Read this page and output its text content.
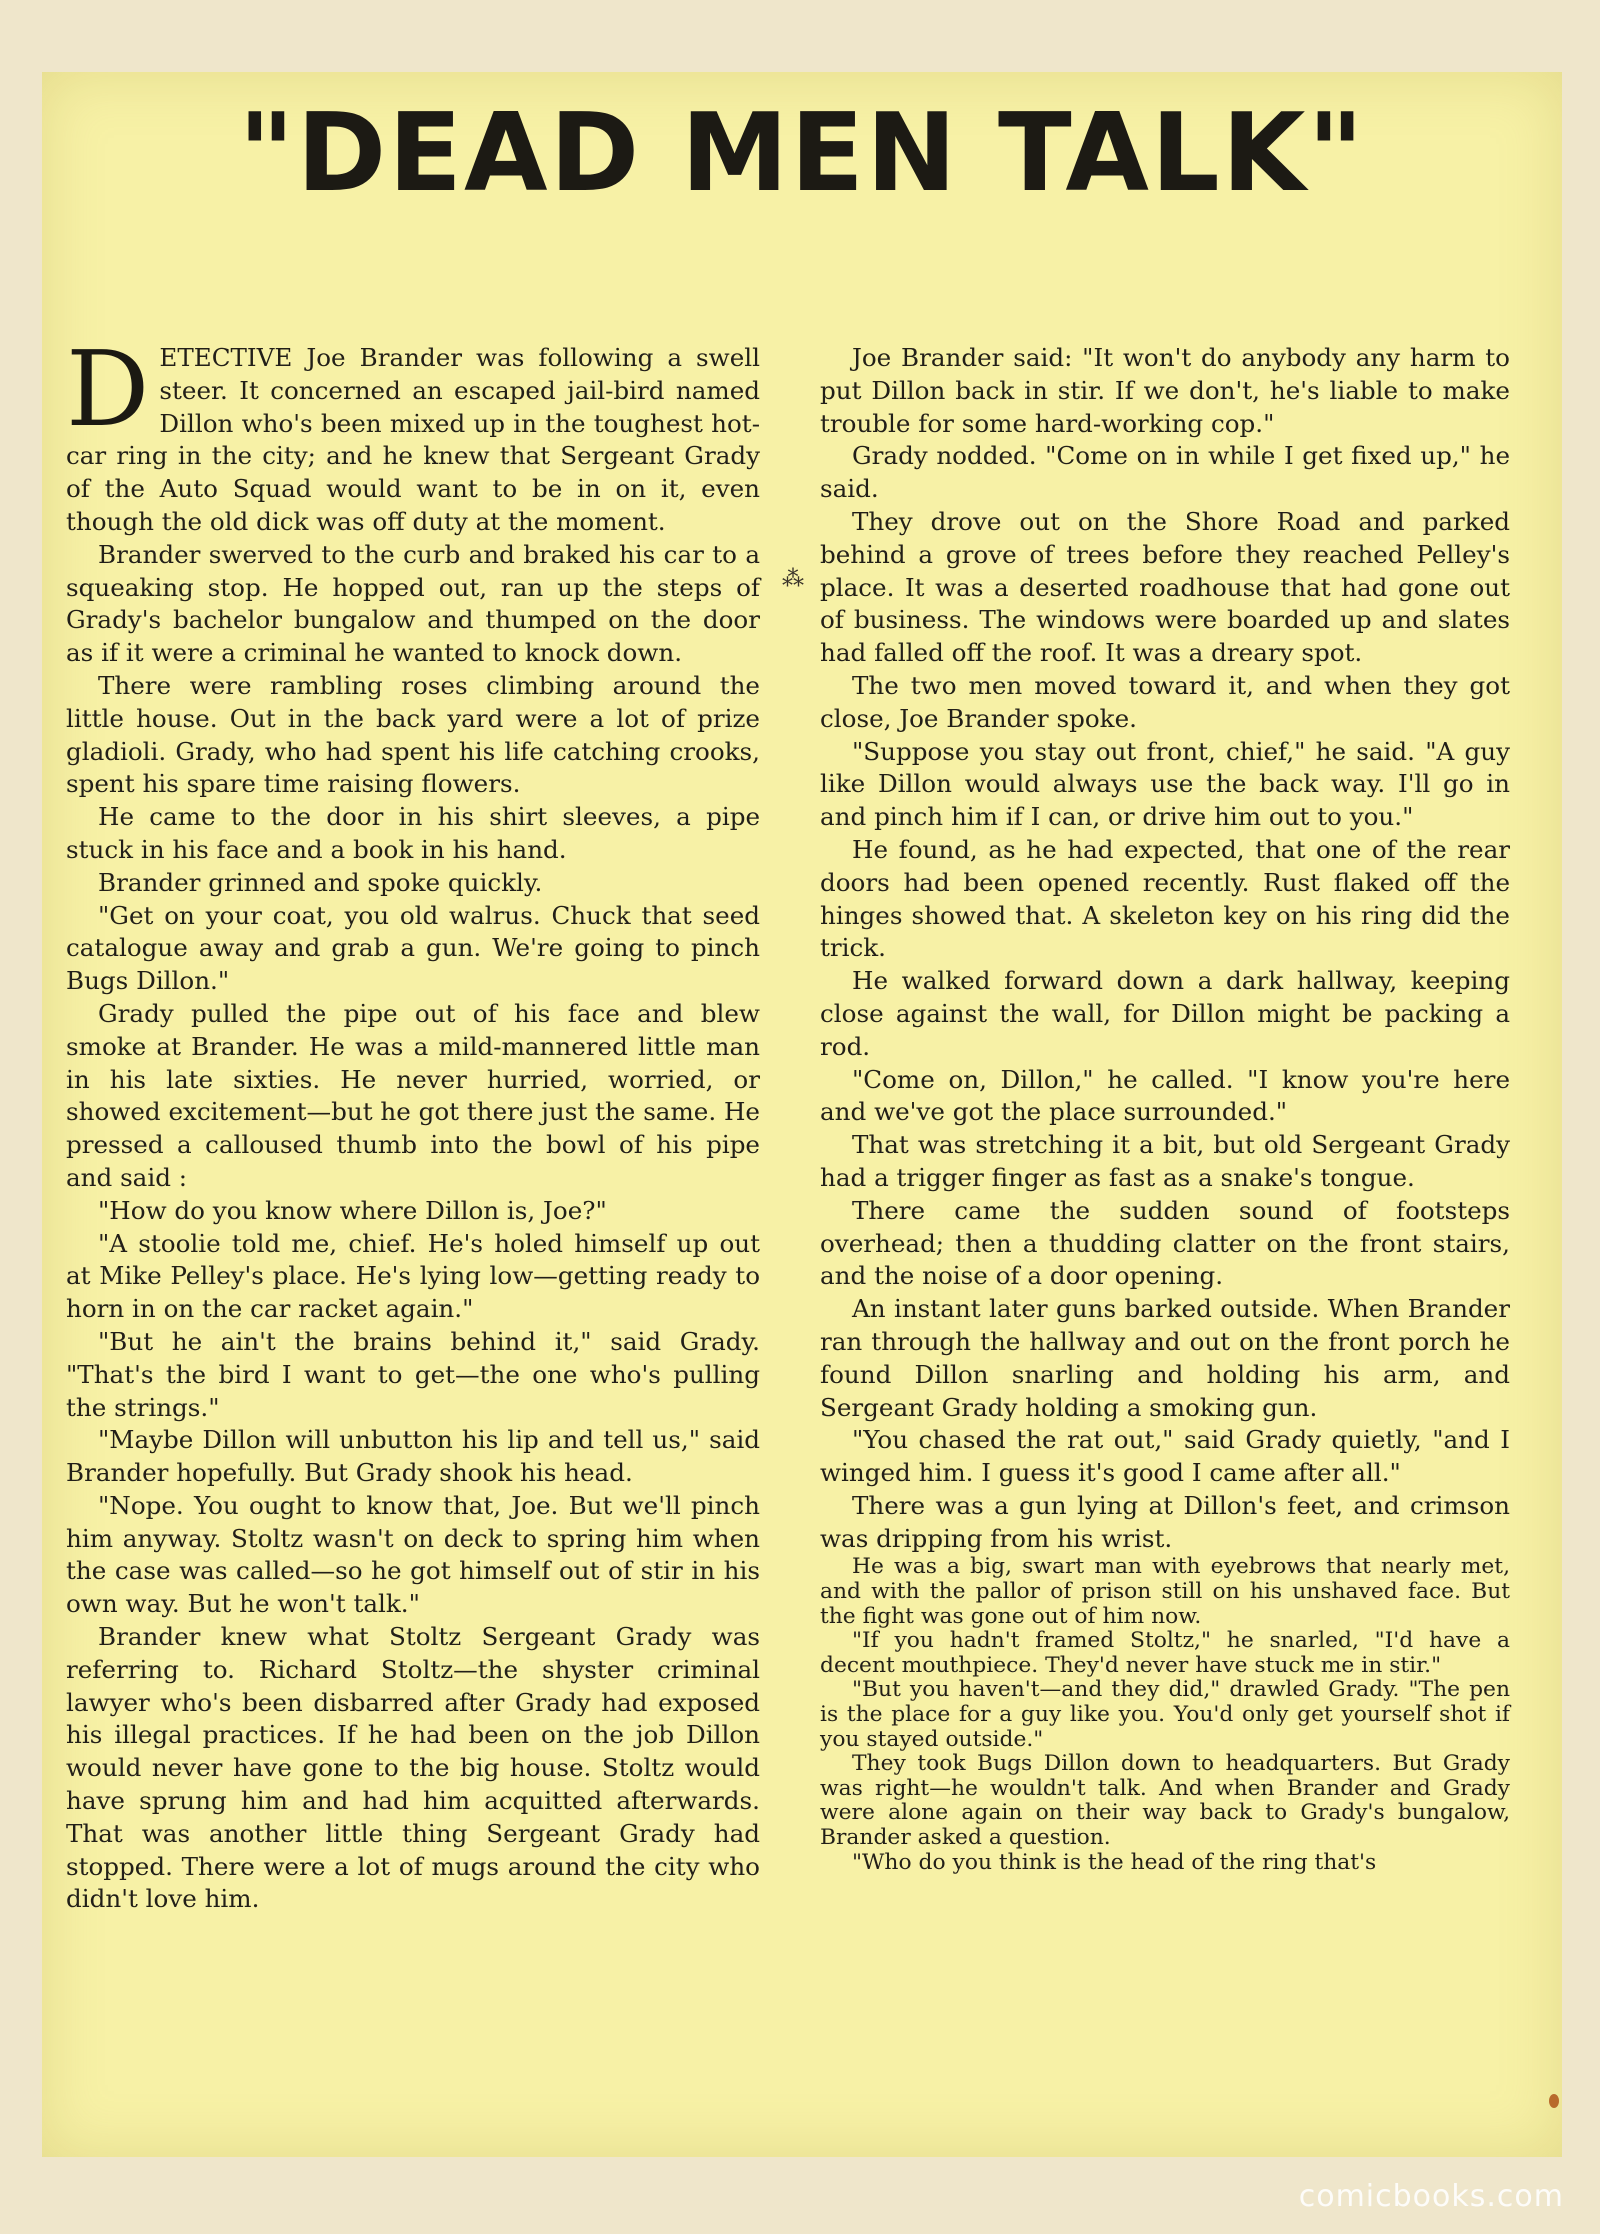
"DEAD MEN TALK"

DETECTIVE Joe Brander was following a swell steer. It concerned an escaped jail-bird named Dillon who's been mixed up in the toughest hot-car ring in the city; and he knew that Sergeant Grady of the Auto Squad would want to be in on it, even though the old dick was off duty at the moment.

Brander swerved to the curb and braked his car to a squeaking stop. He hopped out, ran up the steps of Grady's bachelor bungalow and thumped on the door as if it were a criminal he wanted to knock down.

There were rambling roses climbing around the little house. Out in the back yard were a lot of prize gladioli. Grady, who had spent his life catching crooks, spent his spare time raising flowers.

He came to the door in his shirt sleeves, a pipe stuck in his face and a book in his hand.

Brander grinned and spoke quickly.

"Get on your coat, you old walrus. Chuck that seed catalogue away and grab a gun. We're going to pinch Bugs Dillon."

Grady pulled the pipe out of his face and blew smoke at Brander. He was a mild-mannered little man in his late sixties. He never hurried, worried, or showed excitement—but he got there just the same. He pressed a calloused thumb into the bowl of his pipe and said :

"How do you know where Dillon is, Joe?"

"A stoolie told me, chief. He's holed himself up out at Mike Pelley's place. He's lying low—getting ready to horn in on the car racket again."

"But he ain't the brains behind it," said Grady. "That's the bird I want to get—the one who's pulling the strings."

"Maybe Dillon will unbutton his lip and tell us," said Brander hopefully. But Grady shook his head.

"Nope. You ought to know that, Joe. But we'll pinch him anyway. Stoltz wasn't on deck to spring him when the case was called—so he got himself out of stir in his own way. But he won't talk."

Brander knew what Stoltz Sergeant Grady was referring to. Richard Stoltz—the shyster criminal lawyer who's been disbarred after Grady had exposed his illegal practices. If he had been on the job Dillon would never have gone to the big house. Stoltz would have sprung him and had him acquitted afterwards. That was another little thing Sergeant Grady had stopped. There were a lot of mugs around the city who didn't love him.

⁂

Joe Brander said: "It won't do anybody any harm to put Dillon back in stir. If we don't, he's liable to make trouble for some hard-working cop."

Grady nodded. "Come on in while I get fixed up," he said.

They drove out on the Shore Road and parked behind a grove of trees before they reached Pelley's place. It was a deserted roadhouse that had gone out of business. The windows were boarded up and slates had falled off the roof. It was a dreary spot.

The two men moved toward it, and when they got close, Joe Brander spoke.

"Suppose you stay out front, chief," he said. "A guy like Dillon would always use the back way. I'll go in and pinch him if I can, or drive him out to you."

He found, as he had expected, that one of the rear doors had been opened recently. Rust flaked off the hinges showed that. A skeleton key on his ring did the trick.

He walked forward down a dark hallway, keeping close against the wall, for Dillon might be packing a rod.

"Come on, Dillon," he called. "I know you're here and we've got the place surrounded."

That was stretching it a bit, but old Sergeant Grady had a trigger finger as fast as a snake's tongue.

There came the sudden sound of footsteps overhead; then a thudding clatter on the front stairs, and the noise of a door opening.

An instant later guns barked outside. When Brander ran through the hallway and out on the front porch he found Dillon snarling and holding his arm, and Sergeant Grady holding a smoking gun.

"You chased the rat out," said Grady quietly, "and I winged him. I guess it's good I came after all."

There was a gun lying at Dillon's feet, and crimson was dripping from his wrist.

He was a big, swart man with eyebrows that nearly met, and with the pallor of prison still on his unshaved face. But the fight was gone out of him now.

"If you hadn't framed Stoltz," he snarled, "I'd have a decent mouthpiece. They'd never have stuck me in stir."

"But you haven't—and they did," drawled Grady. "The pen is the place for a guy like you. You'd only get yourself shot if you stayed outside."

They took Bugs Dillon down to headquarters. But Grady was right—he wouldn't talk. And when Brander and Grady were alone again on their way back to Grady's bungalow, Brander asked a question.

"Who do you think is the head of the ring that's

comicbooks.com
